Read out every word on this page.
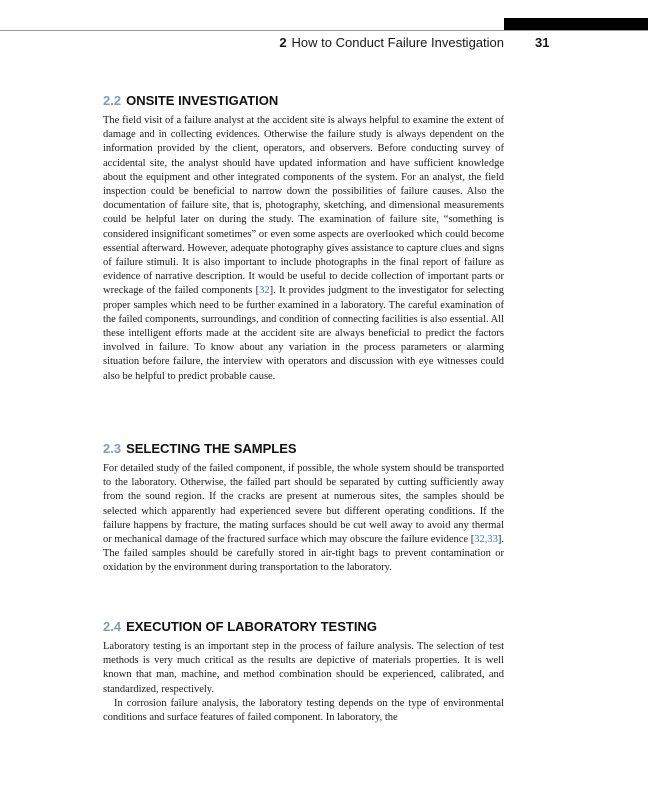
2 How to Conduct Failure Investigation 31
2.2 ONSITE INVESTIGATION

The field visit of a failure analyst at the accident site is always helpful to examine the extent of damage and in collecting evidences. Otherwise the failure study is always dependent on the information provided by the client, operators, and observers. Before conducting survey of accidental site, the analyst should have updated information and have sufficient knowledge about the equipment and other integrated components of the system. For an analyst, the field inspection could be beneficial to narrow down the possibilities of failure causes. Also the documentation of failure site, that is, photography, sketching, and dimensional measurements could be helpful later on during the study. The examination of failure site, “something is considered insignificant sometimes” or even some aspects are overlooked which could become essential afterward. However, adequate photography gives assistance to capture clues and signs of failure stimuli. It is also important to include photographs in the final report of failure as evidence of narrative description. It would be useful to decide collection of important parts or wreckage of the failed components [32]. It provides judgment to the investigator for selecting proper samples which need to be further examined in a laboratory. The careful examination of the failed components, surroundings, and condition of connecting facilities is also essential. All these intelligent efforts made at the accident site are always beneficial to predict the factors involved in failure. To know about any variation in the process parameters or alarming situation before failure, the interview with operators and discussion with eye witnesses could also be helpful to predict probable cause.

2.3 SELECTING THE SAMPLES

For detailed study of the failed component, if possible, the whole system should be transported to the laboratory. Otherwise, the failed part should be separated by cutting sufficiently away from the sound region. If the cracks are present at numerous sites, the samples should be selected which apparently had experienced severe but different operating conditions. If the failure happens by fracture, the mating surfaces should be cut well away to avoid any thermal or mechanical damage of the fractured surface which may obscure the failure evidence [32,33]. The failed samples should be carefully stored in air-tight bags to prevent contamination or oxidation by the environment during transportation to the laboratory.

2.4 EXECUTION OF LABORATORY TESTING

Laboratory testing is an important step in the process of failure analysis. The selection of test methods is very much critical as the results are depictive of materials properties. It is well known that man, machine, and method combination should be experienced, calibrated, and standardized, respectively.

In corrosion failure analysis, the laboratory testing depends on the type of environmental conditions and surface features of failed component. In laboratory, the
